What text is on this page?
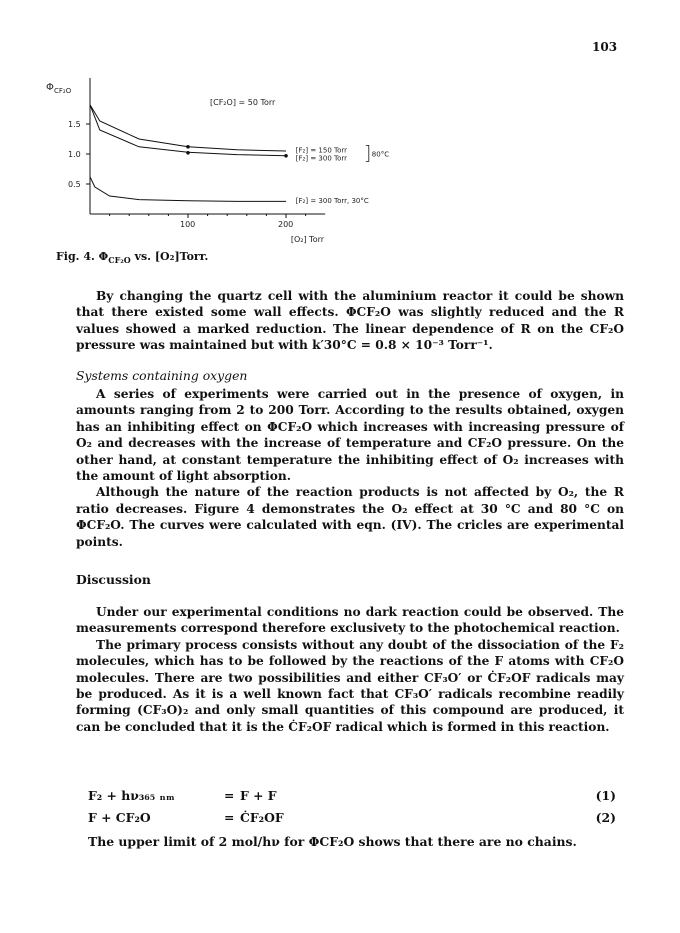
103
1.5
1.0
0.5
100	200
Φ CF₂O
[CF₂O] = 50 Torr
[F₂] = 150 Torr
[F₂] = 300 Torr
[F₂] = 300 Torr, 30°C
80°C
[O₂] Torr
Fig. 4. $\Phi_{CF_2O}$ vs. [O₂]Torr.

By changing the quartz cell with the aluminium reactor it could be shown that there existed some wall effects. ΦCF₂O was slightly reduced and the R values showed a marked reduction. The linear dependence of R on the CF₂O pressure was maintained but with k′30°C = 0.8 × 10⁻³ Torr⁻¹.

Systems containing oxygen

A series of experiments were carried out in the presence of oxygen, in amounts ranging from 2 to 200 Torr. According to the results obtained, oxygen has an inhibiting effect on ΦCF₂O which increases with increasing pressure of O₂ and decreases with the increase of temperature and CF₂O pressure. On the other hand, at constant temperature the inhibiting effect of O₂ increases with the amount of light absorption.

Although the nature of the reaction products is not affected by O₂, the R ratio decreases. Figure 4 demonstrates the O₂ effect at 30 °C and 80 °C on ΦCF₂O. The curves were calculated with eqn. (IV). The cricles are experimental points.

Discussion

Under our experimental conditions no dark reaction could be observed. The measurements correspond therefore exclusivety to the photochemical reaction.

The primary process consists without any doubt of the dissociation of the F₂ molecules, which has to be followed by the reactions of the F atoms with CF₂O molecules. There are two possibilities and either CF₃O′ or ĊF₂OF radicals may be produced. As it is a well known fact that CF₃O′ radicals recombine readily forming (CF₃O)₂ and only small quantities of this compound are produced, it can be concluded that it is the ĊF₂OF radical which is formed in this reaction.

F₂ + hν₃₆₅ ₙₘ	= F + F	(1)
F + CF₂O	= ĊF₂OF	(2)
The upper limit of 2 mol/hν for ΦCF₂O shows that there are no chains.
